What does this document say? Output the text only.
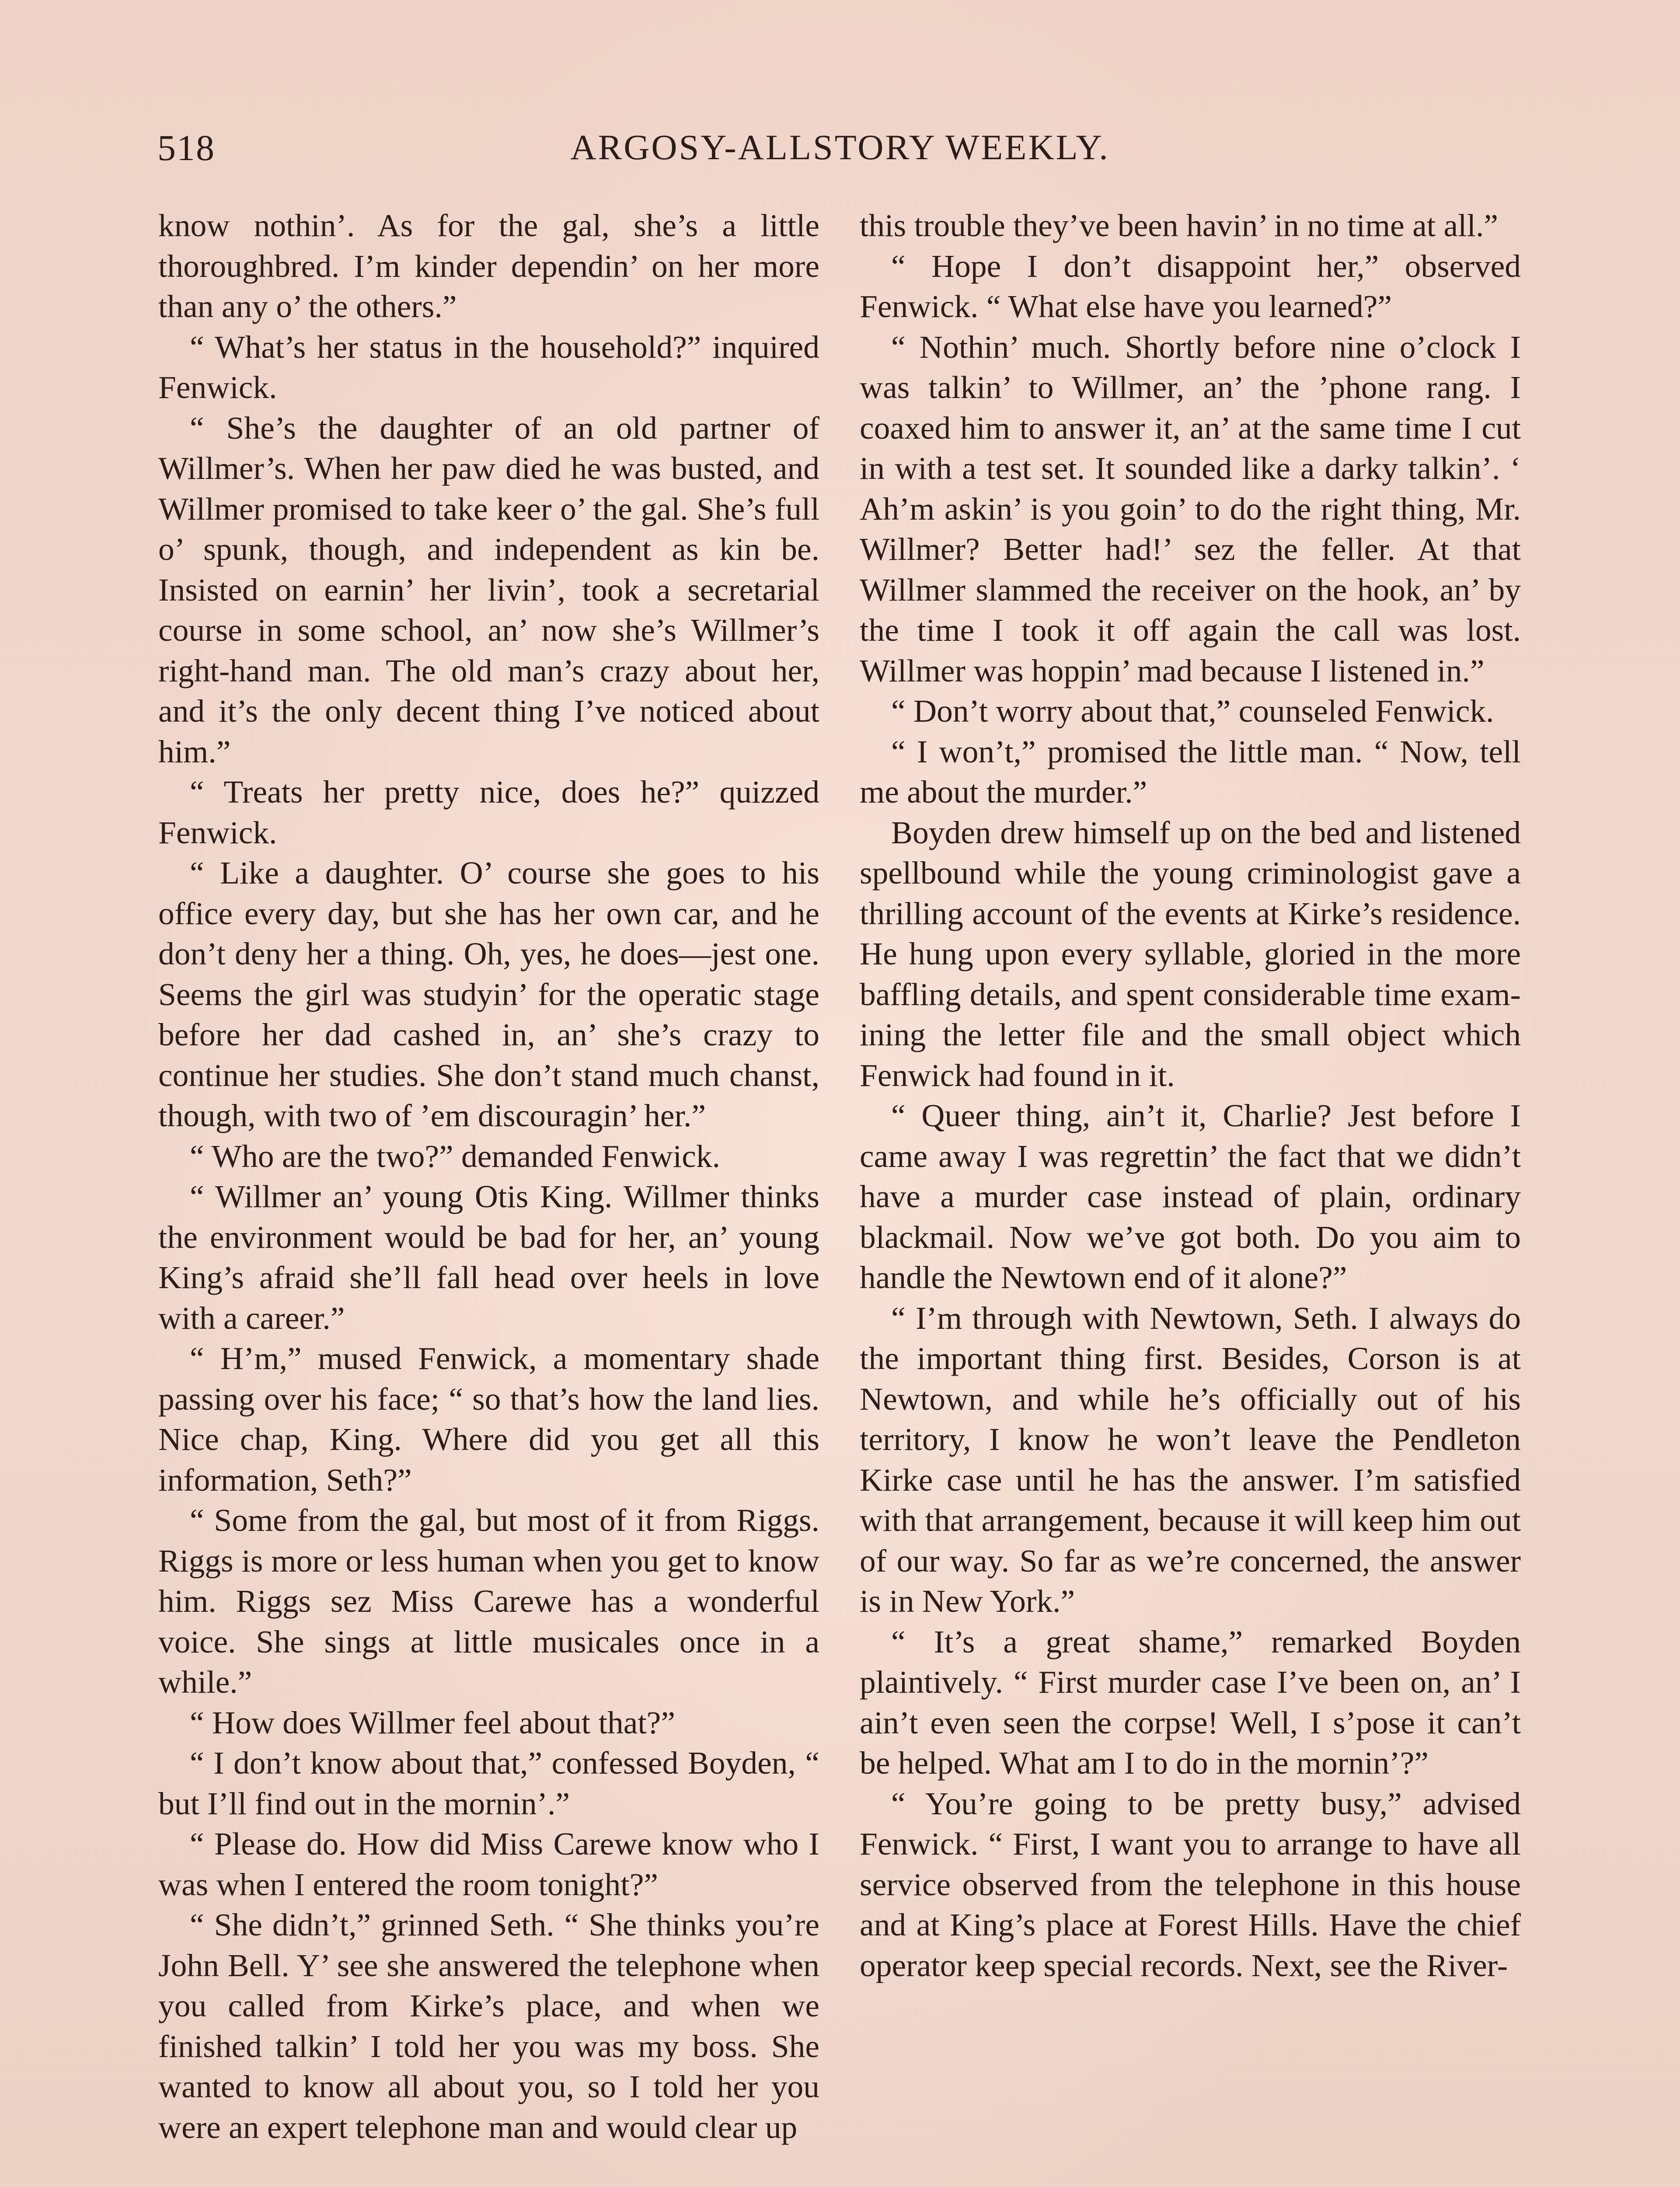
518	ARGOSY-ALLSTORY WEEKLY.

know nothin’. As for the gal, she’s a little thoroughbred. I’m kinder dependin’ on her more than any o’ the others.”

“ What’s her status in the household?” inquired Fenwick.

“ She’s the daughter of an old partner of Willmer’s. When her paw died he was busted, and Willmer promised to take keer o’ the gal. She’s full o’ spunk, though, and independent as kin be. Insisted on earnin’ her livin’, took a secretarial course in some school, an’ now she’s Willmer’s right-hand man. The old man’s crazy about her, and it’s the only decent thing I’ve noticed about him.”

“ Treats her pretty nice, does he?” quizzed Fenwick.

“ Like a daughter. O’ course she goes to his office every day, but she has her own car, and he don’t deny her a thing. Oh, yes, he does—jest one. Seems the girl was studyin’ for the operatic stage before her dad cashed in, an’ she’s crazy to continue her studies. She don’t stand much chanst, though, with two of ’em discouragin’ her.”

“ Who are the two?” demanded Fenwick.

“ Willmer an’ young Otis King. Willmer thinks the environment would be bad for her, an’ young King’s afraid she’ll fall head over heels in love with a career.”

“ H’m,” mused Fenwick, a momentary shade passing over his face; “ so that’s how the land lies. Nice chap, King. Where did you get all this information, Seth?”

“ Some from the gal, but most of it from Riggs. Riggs is more or less human when you get to know him. Riggs sez Miss Carewe has a wonderful voice. She sings at little musicales once in a while.”

“ How does Willmer feel about that?”

“ I don’t know about that,” confessed Boyden, “ but I’ll find out in the mornin’.”

“ Please do. How did Miss Carewe know who I was when I entered the room tonight?”

“ She didn’t,” grinned Seth. “ She thinks you’re John Bell. Y’ see she answered the telephone when you called from Kirke’s place, and when we finished talkin’ I told her you was my boss. She wanted to know all about you, so I told her you were an expert telephone man and would clear up

this trouble they’ve been havin’ in no time at all.”

“ Hope I don’t disappoint her,” observed Fenwick. “ What else have you learned?”

“ Nothin’ much. Shortly before nine o’clock I was talkin’ to Willmer, an’ the ’phone rang. I coaxed him to answer it, an’ at the same time I cut in with a test set. It sounded like a darky talkin’. ‘ Ah’m askin’ is you goin’ to do the right thing, Mr. Willmer? Better had!’ sez the feller. At that Willmer slammed the receiver on the hook, an’ by the time I took it off again the call was lost. Willmer was hoppin’ mad because I listened in.”

“ Don’t worry about that,” counseled Fenwick.

“ I won’t,” promised the little man. “ Now, tell me about the murder.”

Boyden drew himself up on the bed and listened spellbound while the young criminologist gave a thrilling account of the events at Kirke’s residence. He hung upon every syllable, gloried in the more baffling details, and spent considerable time examining the letter file and the small object which Fenwick had found in it.

“ Queer thing, ain’t it, Charlie? Jest before I came away I was regrettin’ the fact that we didn’t have a murder case instead of plain, ordinary blackmail. Now we’ve got both. Do you aim to handle the Newtown end of it alone?”

“ I’m through with Newtown, Seth. I always do the important thing first. Besides, Corson is at Newtown, and while he’s officially out of his territory, I know he won’t leave the Pendleton Kirke case until he has the answer. I’m satisfied with that arrangement, because it will keep him out of our way. So far as we’re concerned, the answer is in New York.”

“ It’s a great shame,” remarked Boyden plaintively. “ First murder case I’ve been on, an’ I ain’t even seen the corpse! Well, I s’pose it can’t be helped. What am I to do in the mornin’?”

“ You’re going to be pretty busy,” advised Fenwick. “ First, I want you to arrange to have all service observed from the telephone in this house and at King’s place at Forest Hills. Have the chief operator keep special records. Next, see the River-
